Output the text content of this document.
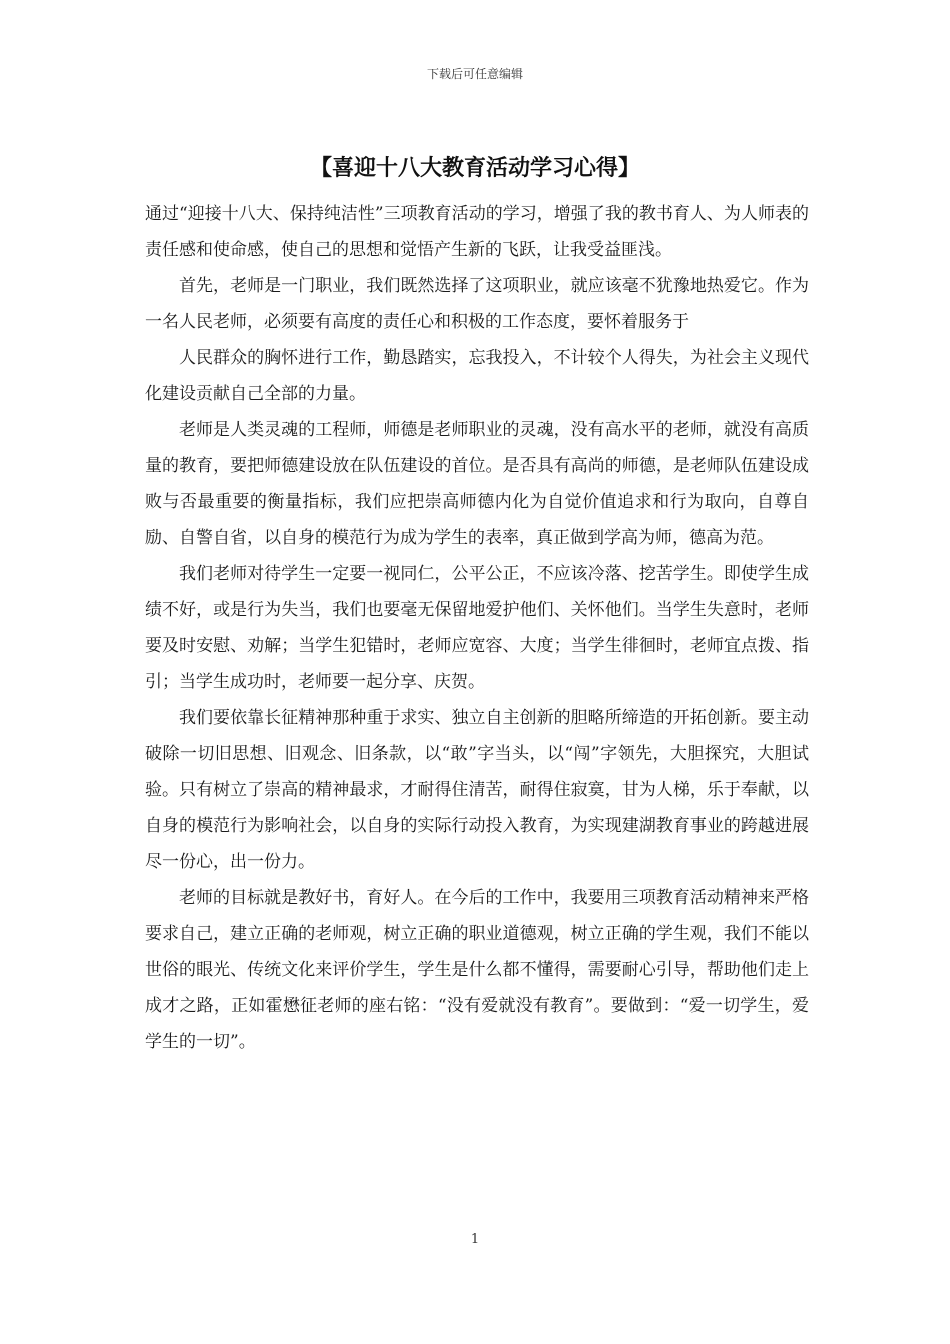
下载后可任意编辑
【喜迎十八大教育活动学习心得】

通过“迎接十八大、保持纯洁性”三项教育活动的学习，增强了我的教书育人、为人师表的责任感和使命感，使自己的思想和觉悟产生新的飞跃，让我受益匪浅。

首先，老师是一门职业，我们既然选择了这项职业，就应该毫不犹豫地热爱它。作为一名人民老师，必须要有高度的责任心和积极的工作态度，要怀着服务于

人民群众的胸怀进行工作，勤恳踏实，忘我投入，不计较个人得失，为社会主义现代化建设贡献自己全部的力量。

老师是人类灵魂的工程师，师德是老师职业的灵魂，没有高水平的老师，就没有高质量的教育，要把师德建设放在队伍建设的首位。是否具有高尚的师德，是老师队伍建设成败与否最重要的衡量指标，我们应把崇高师德内化为自觉价值追求和行为取向，自尊自励、自警自省，以自身的模范行为成为学生的表率，真正做到学高为师，德高为范。

我们老师对待学生一定要一视同仁，公平公正，不应该冷落、挖苦学生。即使学生成绩不好，或是行为失当，我们也要毫无保留地爱护他们、关怀他们。当学生失意时，老师要及时安慰、劝解；当学生犯错时，老师应宽容、大度；当学生徘徊时，老师宜点拨、指引；当学生成功时，老师要一起分享、庆贺。

我们要依靠长征精神那种重于求实、独立自主创新的胆略所缔造的开拓创新。要主动破除一切旧思想、旧观念、旧条款，以“敢”字当头，以“闯”字领先，大胆探究，大胆试验。只有树立了崇高的精神最求，才耐得住清苦，耐得住寂寞，甘为人梯，乐于奉献，以自身的模范行为影响社会，以自身的实际行动投入教育，为实现建湖教育事业的跨越进展尽一份心，出一份力。

老师的目标就是教好书，育好人。在今后的工作中，我要用三项教育活动精神来严格要求自己，建立正确的老师观，树立正确的职业道德观，树立正确的学生观，我们不能以世俗的眼光、传统文化来评价学生，学生是什么都不懂得，需要耐心引导，帮助他们走上成才之路，正如霍懋征老师的座右铭：“没有爱就没有教育”。要做到：“爱一切学生，爱学生的一切”。

1
